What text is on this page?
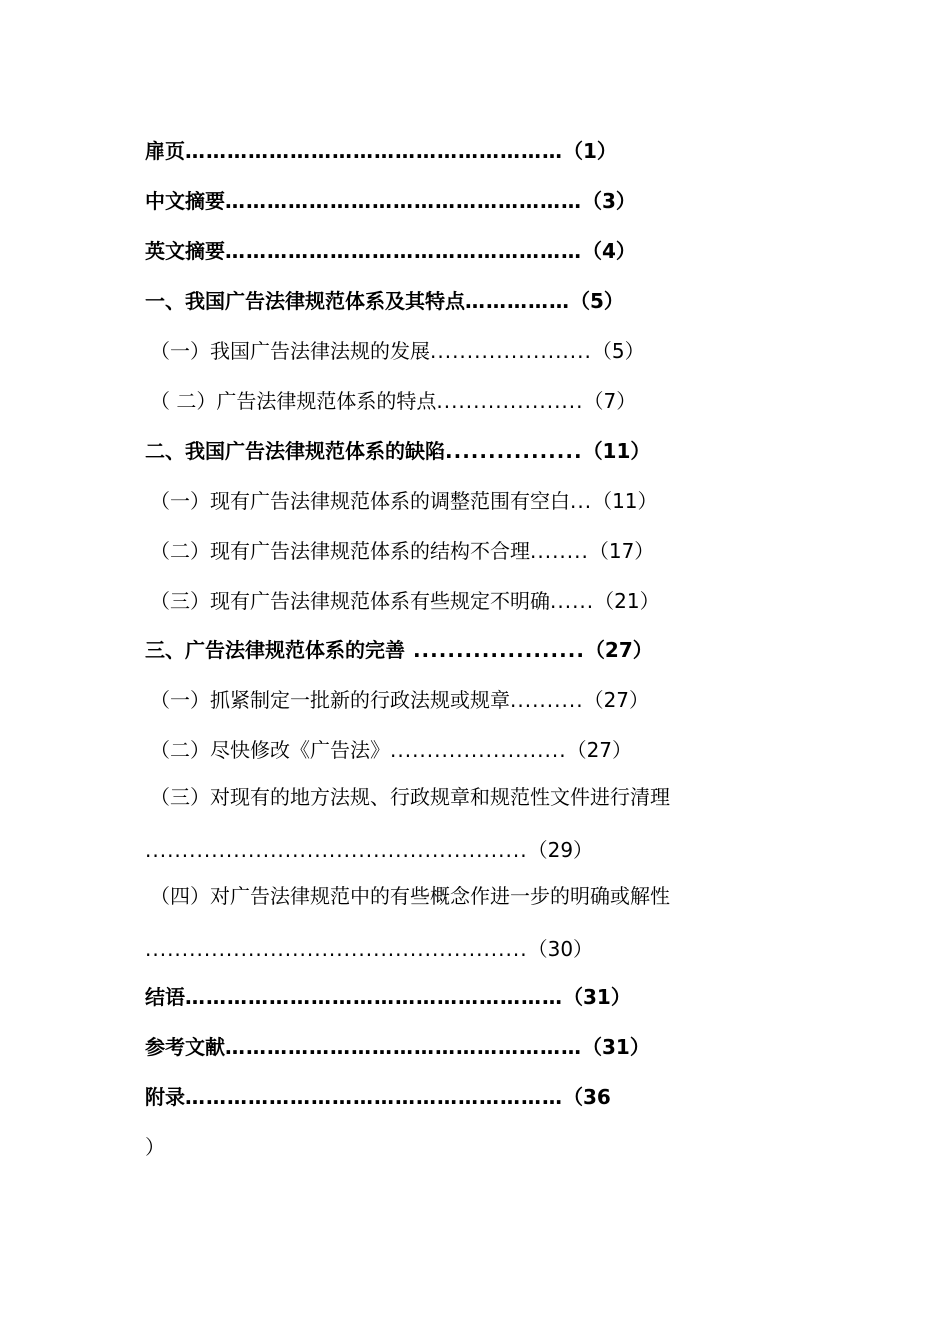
扉页………………………………………………（1）
中文摘要……………………………………………（3）
英文摘要……………………………………………（4）
一、我国广告法律规范体系及其特点……………（5）
（一）我国广告法律法规的发展......................（5）
（ 二）广告法律规范体系的特点....................（7）
二、我国广告法律规范体系的缺陷................（11）
（一）现有广告法律规范体系的调整范围有空白...（11）
（二）现有广告法律规范体系的结构不合理........（17）
（三）现有广告法律规范体系有些规定不明确......（21）
三、广告法律规范体系的完善 ....................（27）
（一）抓紧制定一批新的行政法规或规章..........（27）
（二）尽快修改《广告法》........................（27）
（三）对现有的地方法规、行政规章和规范性文件进行清理
....................................................（29）
（四）对广告法律规范中的有些概念作进一步的明确或解性
....................................................（30）
结语………………………………………………（31）
参考文献……………………………………………（31）
附录………………………………………………（36
）
